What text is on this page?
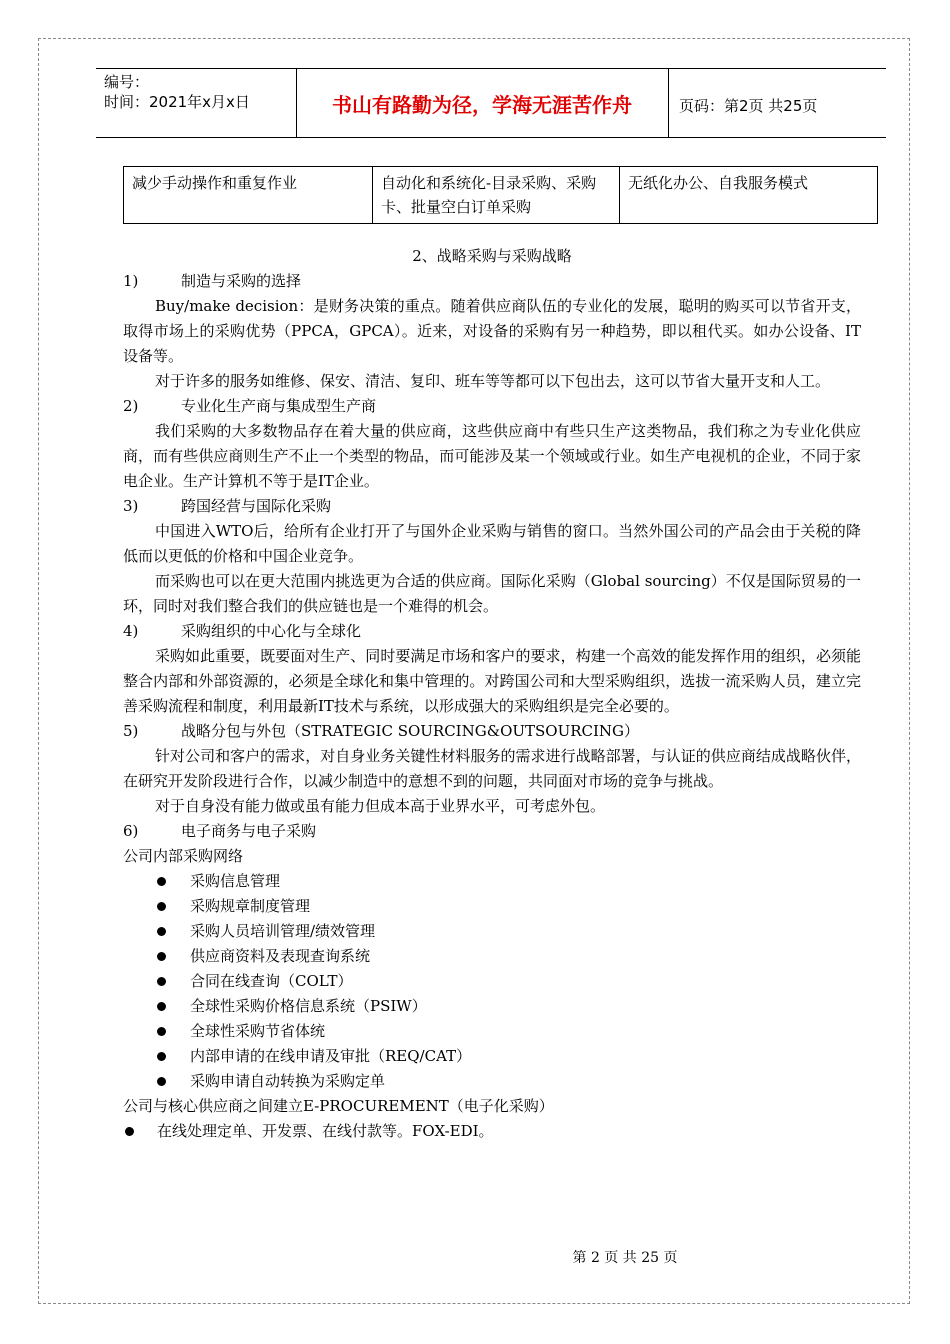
编号：
时间：2021年x月x日	书山有路勤为径，学海无涯苦作舟	页码：第2页 共25页
减少手动操作和重复作业	自动化和系统化-目录采购、采购卡、批量空白订单采购	无纸化办公、自我服务模式

2、战略采购与采购战略

1)	制造与采购的选择

Buy/make decision：是财务决策的重点。随着供应商队伍的专业化的发展，聪明的购买可以节省开支，取得市场上的采购优势（PPCA，GPCA）。近来，对设备的采购有另一种趋势，即以租代买。如办公设备、IT设备等。

对于许多的服务如维修、保安、清洁、复印、班车等等都可以下包出去，这可以节省大量开支和人工。

2)	专业化生产商与集成型生产商

我们采购的大多数物品存在着大量的供应商，这些供应商中有些只生产这类物品，我们称之为专业化供应商，而有些供应商则生产不止一个类型的物品，而可能涉及某一个领域或行业。如生产电视机的企业，不同于家电企业。生产计算机不等于是IT企业。

3)	跨国经营与国际化采购

中国进入WTO后，给所有企业打开了与国外企业采购与销售的窗口。当然外国公司的产品会由于关税的降低而以更低的价格和中国企业竞争。

而采购也可以在更大范围内挑选更为合适的供应商。国际化采购（Global sourcing）不仅是国际贸易的一环，同时对我们整合我们的供应链也是一个难得的机会。

4)	采购组织的中心化与全球化

采购如此重要，既要面对生产、同时要满足市场和客户的要求，构建一个高效的能发挥作用的组织，必须能整合内部和外部资源的，必须是全球化和集中管理的。对跨国公司和大型采购组织，选拔一流采购人员，建立完善采购流程和制度，利用最新IT技术与系统，以形成强大的采购组织是完全必要的。

5)	战略分包与外包（STRATEGIC SOURCING&OUTSOURCING）

针对公司和客户的需求，对自身业务关键性材料服务的需求进行战略部署，与认证的供应商结成战略伙伴，在研究开发阶段进行合作，以减少制造中的意想不到的问题，共同面对市场的竞争与挑战。

对于自身没有能力做或虽有能力但成本高于业界水平，可考虑外包。

6)	电子商务与电子采购

公司内部采购网络

采购信息管理
采购规章制度管理
采购人员培训管理/绩效管理
供应商资料及表现查询系统
合同在线查询（COLT）
全球性采购价格信息系统（PSIW）
全球性采购节省体统
内部申请的在线申请及审批（REQ/CAT）
采购申请自动转换为采购定单

公司与核心供应商之间建立E-PROCUREMENT（电子化采购）

在线处理定单、开发票、在线付款等。FOX-EDI。
第 2 页 共 25 页
